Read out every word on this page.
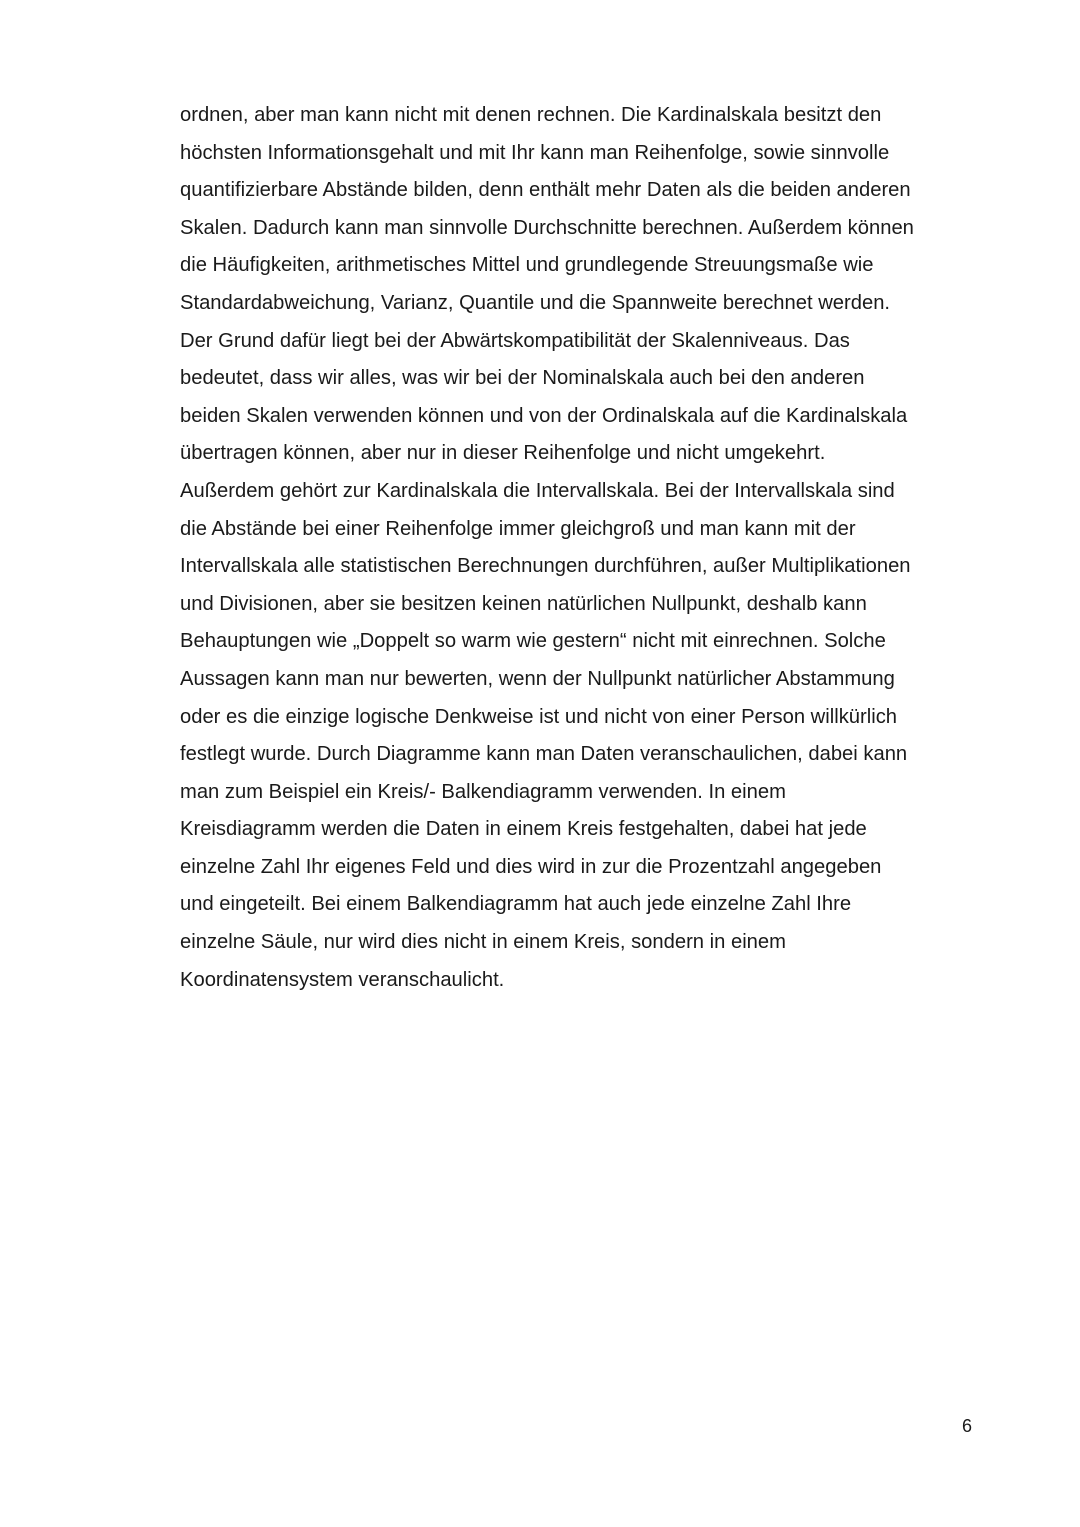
ordnen, aber man kann nicht mit denen rechnen. Die Kardinalskala besitzt den
höchsten Informationsgehalt und mit Ihr kann man Reihenfolge, sowie sinnvolle
quantifizierbare Abstände bilden, denn enthält mehr Daten als die beiden anderen
Skalen. Dadurch kann man sinnvolle Durchschnitte berechnen. Außerdem können
die Häufigkeiten, arithmetisches Mittel und grundlegende Streuungsmaße wie
Standardabweichung, Varianz, Quantile und die Spannweite berechnet werden.
Der Grund dafür liegt bei der Abwärtskompatibilität der Skalenniveaus. Das
bedeutet, dass wir alles, was wir bei der Nominalskala auch bei den anderen
beiden Skalen verwenden können und von der Ordinalskala auf die Kardinalskala
übertragen können, aber nur in dieser Reihenfolge und nicht umgekehrt.
Außerdem gehört zur Kardinalskala die Intervallskala. Bei der Intervallskala sind
die Abstände bei einer Reihenfolge immer gleichgroß und man kann mit der
Intervallskala alle statistischen Berechnungen durchführen, außer Multiplikationen
und Divisionen, aber sie besitzen keinen natürlichen Nullpunkt, deshalb kann
Behauptungen wie „Doppelt so warm wie gestern“ nicht mit einrechnen. Solche
Aussagen kann man nur bewerten, wenn der Nullpunkt natürlicher Abstammung
oder es die einzige logische Denkweise ist und nicht von einer Person willkürlich
festlegt wurde. Durch Diagramme kann man Daten veranschaulichen, dabei kann
man zum Beispiel ein Kreis/- Balkendiagramm verwenden. In einem
Kreisdiagramm werden die Daten in einem Kreis festgehalten, dabei hat jede
einzelne Zahl Ihr eigenes Feld und dies wird in zur die Prozentzahl angegeben
und eingeteilt. Bei einem Balkendiagramm hat auch jede einzelne Zahl Ihre
einzelne Säule, nur wird dies nicht in einem Kreis, sondern in einem
Koordinatensystem veranschaulicht.

6
